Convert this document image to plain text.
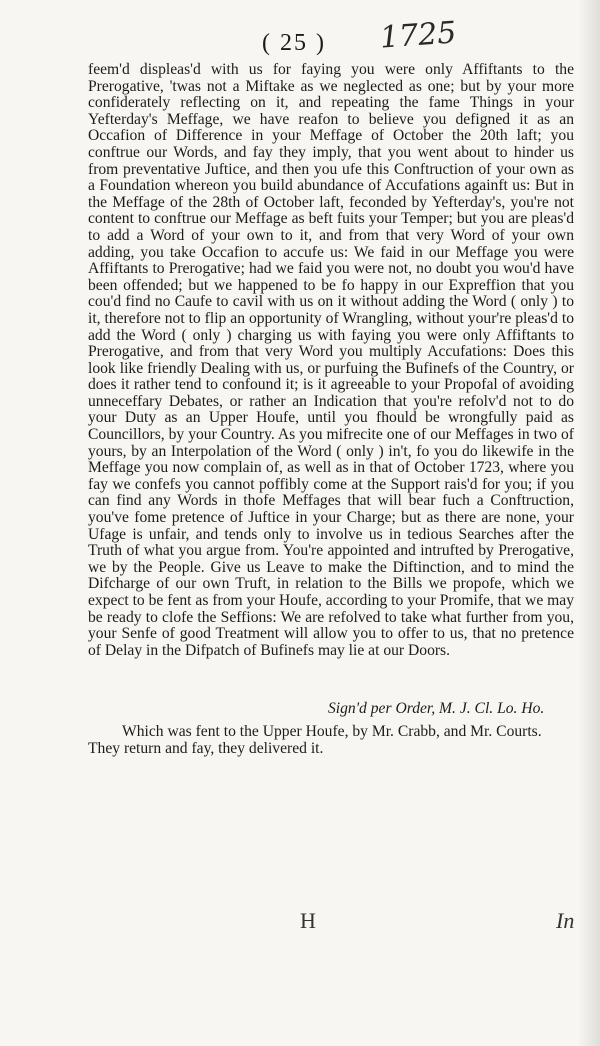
( 25 ) 1725

feem'd displeas'd with us for faying you were only Affiftants to the Prerogative, 'twas not a Miftake as we neglected as one; but by your more confiderately reflecting on it, and repeating the fame Things in your Yefterday's Meffage, we have reafon to believe you defigned it as an Occafion of Difference in your Meffage of October the 20th laft; you conftrue our Words, and fay they imply, that you went about to hinder us from preventative Juftice, and then you ufe this Conftruction of your own as a Foundation whereon you build abundance of Accufations againft us: But in the Meffage of the 28th of October laft, feconded by Yefterday's, you're not content to conftrue our Meffage as beft fuits your Temper; but you are pleas'd to add a Word of your own to it, and from that very Word of your own adding, you take Occafion to accufe us: We faid in our Meffage you were Affiftants to Prerogative; had we faid you were not, no doubt you wou'd have been offended; but we happened to be fo happy in our Expreffion that you cou'd find no Caufe to cavil with us on it without adding the Word ( only ) to it, therefore not to flip an opportunity of Wrangling, without your're pleas'd to add the Word ( only ) charging us with faying you were only Affiftants to Prerogative, and from that very Word you multiply Accufations: Does this look like friendly Dealing with us, or purfuing the Bufinefs of the Country, or does it rather tend to confound it; is it agreeable to your Propofal of avoiding unneceffary Debates, or rather an Indication that you're refolv'd not to do your Duty as an Upper Houfe, until you fhould be wrongfully paid as Councillors, by your Country. As you mifrecite one of our Meffages in two of yours, by an Interpolation of the Word ( only ) in't, fo you do likewife in the Meffage you now complain of, as well as in that of October 1723, where you fay we confefs you cannot poffibly come at the Support rais'd for you; if you can find any Words in thofe Meffages that will bear fuch a Conftruction, you've fome pretence of Juftice in your Charge; but as there are none, your Ufage is unfair, and tends only to involve us in tedious Searches after the Truth of what you argue from. You're appointed and intrufted by Prerogative, we by the People. Give us Leave to make the Diftinction, and to mind the Difcharge of our own Truft, in relation to the Bills we propofe, which we expect to be fent as from your Houfe, according to your Promife, that we may be ready to clofe the Seffions: We are refolved to take what further from you, your Senfe of good Treatment will allow you to offer to us, that no pretence of Delay in the Difpatch of Bufinefs may lie at our Doors.

Sign'd per Order, M. J. Cl. Lo. Ho.

Which was fent to the Upper Houfe, by Mr. Crabb, and Mr. Courts. They return and fay, they delivered it.

H	In
